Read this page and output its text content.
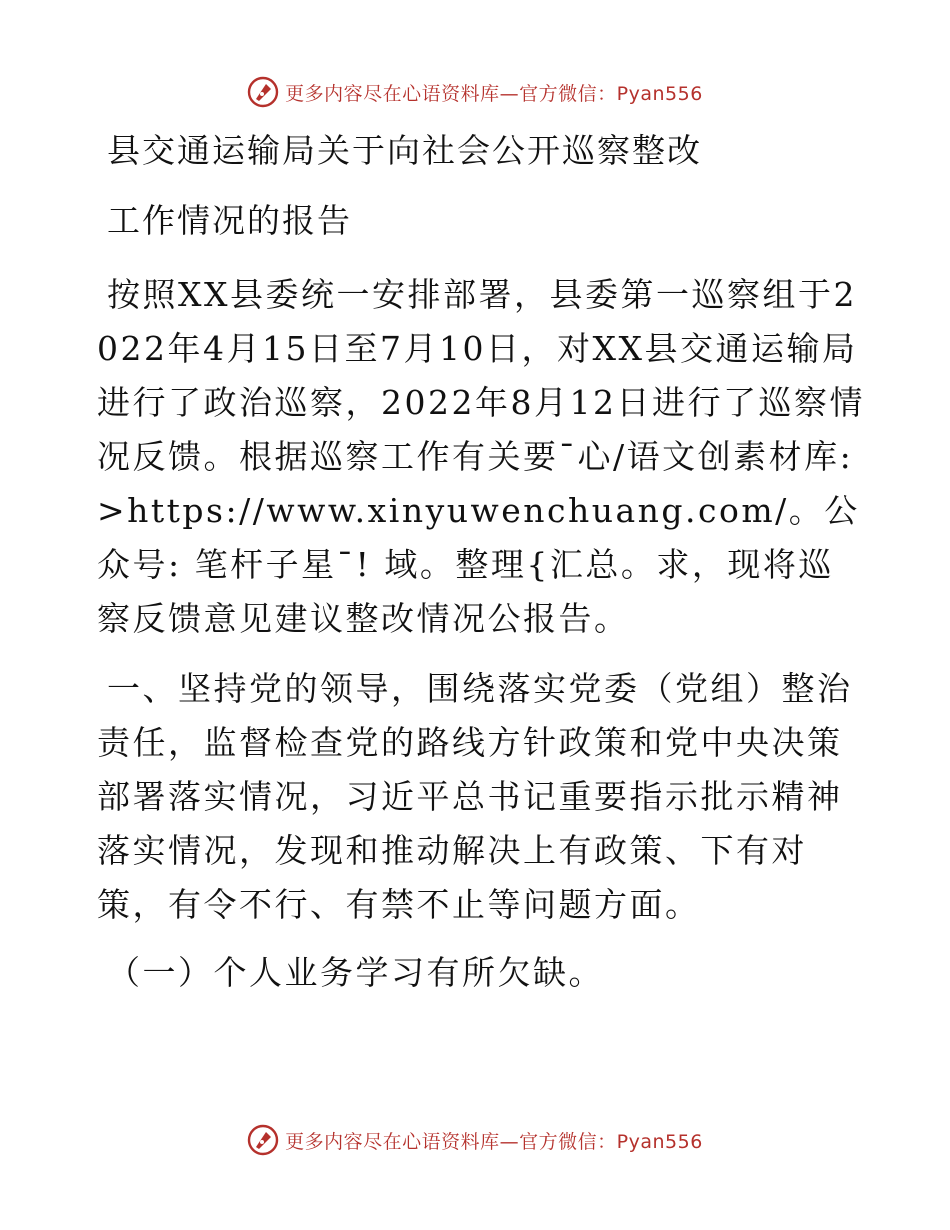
更多内容尽在心语资料库—官方微信：Pyan556
县交通运输局关于向社会公开巡察整改
工作情况的报告

按照XX县委统一安排部署，县委第一巡察组于2022年4月15日至7月10日，对XX县交通运输局进行了政治巡察，2022年8月12日进行了巡察情况反馈。根据巡察工作有关要¯心/语文创素材库:>https://www.xinyuwenchuang.com/。公众号: 笔杆子星¯! 域。整理{汇总。求，现将巡察反馈意见建议整改情况公报告。

一、坚持党的领导，围绕落实党委（党组）整治责任，监督检查党的路线方针政策和党中央决策部署落实情况，习近平总书记重要指示批示精神落实情况，发现和推动解决上有政策、下有对策，有令不行、有禁不止等问题方面。

（一）个人业务学习有所欠缺。

更多内容尽在心语资料库—官方微信：Pyan556
